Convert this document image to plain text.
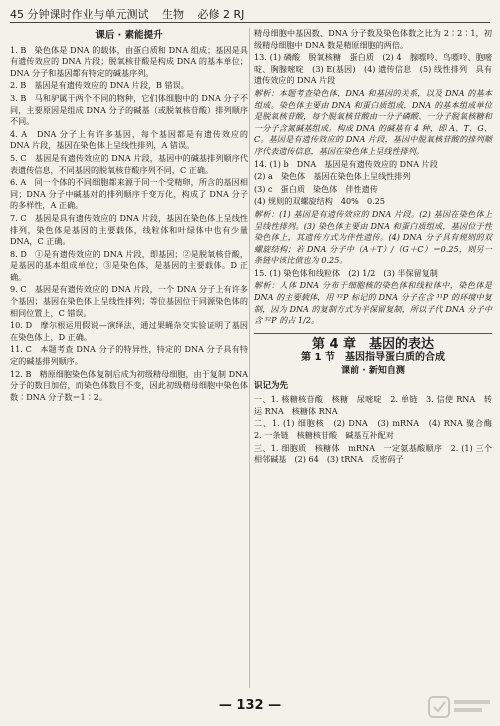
45 分钟课时作业与单元测试 生物 必修 2 RJ
课后 · 素能提升

1. B　染色体是 DNA 的载体，由蛋白质和 DNA 组成；基因是具有遗传效应的 DNA 片段；脱氧核苷酸是构成 DNA 的基本单位；DNA 分子和基因都有特定的碱基序列。

2. B　基因是有遗传效应的 DNA 片段，B 错误。

3. B　马和驴属于两个不同的物种，它们体细胞中的 DNA 分子不同，主要原因是组成 DNA 分子的碱基（或脱氧核苷酸）排列顺序不同。

4. A　DNA 分子上有许多基因，每个基因都是有遗传效应的 DNA 片段，基因在染色体上呈线性排列，A 错误。

5. C　基因是有遗传效应的 DNA 片段，基因中的碱基排列顺序代表遗传信息，不同基因的脱氧核苷酸序列不同，C 正确。

6. A　同一个体的不同细胞都来源于同一个受精卵，所含的基因相同；DNA 分子中碱基对的排列顺序千变万化，构成了 DNA 分子的多样性，A 正确。

7. C　基因是具有遗传效应的 DNA 片段，基因在染色体上呈线性排列，染色体是基因的主要载体，线粒体和叶绿体中也有少量 DNA，C 正确。

8. D　①是有遗传效应的 DNA 片段，即基因；②是脱氧核苷酸，是基因的基本组成单位；③是染色体，是基因的主要载体。D 正确。

9. C　基因是有遗传效应的 DNA 片段，一个 DNA 分子上有许多个基因；基因在染色体上呈线性排列；等位基因位于同源染色体的相同位置上，C 错误。

10. D　摩尔根运用假说—演绎法，通过果蝇杂交实验证明了基因在染色体上，D 正确。

11. C　本题考查 DNA 分子的特异性，特定的 DNA 分子具有特定的碱基排列顺序。

12. B　精原细胞染色体复制后成为初级精母细胞，由于复制 DNA 分子的数目加倍，而染色体数目不变，因此初级精母细胞中染色体数∶DNA 分子数＝1∶2。

精母细胞中基因数、DNA 分子数及染色体数之比为 2∶2∶1，初级精母细胞中 DNA 数是精原细胞的两倍。

13. (1) 磷酸　脱氧核糖　蛋白质　(2) 4　腺嘌呤、鸟嘌呤、胞嘧啶、胸腺嘧啶　(3) E(基因)　(4) 遗传信息　(5) 线性排列　具有遗传效应的 DNA 片段

解析：本题考查染色体、DNA 和基因的关系，以及 DNA 的基本组成。染色体主要由 DNA 和蛋白质组成，DNA 的基本组成单位是脱氧核苷酸，每个脱氧核苷酸由一分子磷酸、一分子脱氧核糖和一分子含氮碱基组成。构成 DNA 的碱基有 4 种，即 A、T、G、C。基因是有遗传效应的 DNA 片段，基因中脱氧核苷酸的排列顺序代表遗传信息，基因在染色体上呈线性排列。

14. (1) b　DNA　基因是有遗传效应的 DNA 片段

(2) a　染色体　基因在染色体上呈线性排列

(3) c　蛋白质　染色体　伴性遗传

(4) 规则的双螺旋结构　40%　0.25

解析：(1) 基因是有遗传效应的 DNA 片段。(2) 基因在染色体上呈线性排列。(3) 染色体主要由 DNA 和蛋白质组成，基因位于性染色体上，其遗传方式为伴性遗传。(4) DNA 分子具有规则的双螺旋结构；若 DNA 分子中（A＋T）/（G＋C）＝0.25，则另一条链中该比值也为 0.25。

15. (1) 染色体和线粒体　(2) 1/2　(3) 半保留复制

解析：人体 DNA 分布于细胞核的染色体和线粒体中，染色体是 DNA 的主要载体，用 ³²P 标记的 DNA 分子在含 ³¹P 的环境中复制，因为 DNA 的复制方式为半保留复制，所以子代 DNA 分子中含 ³²P 的占 1/2。

第 4 章　基因的表达
第 1 节　基因指导蛋白质的合成
课前 · 新知自测
识记为先

一、1. 核糖核苷酸　核糖　尿嘧啶　2. 单链　3. 信使 RNA　转运 RNA　核糖体 RNA

二、1. (1) 细胞核　(2) DNA　(3) mRNA　(4) RNA 聚合酶　2. 一条链　核糖核苷酸　碱基互补配对

三、1. 细胞质　核糖体　mRNA　一定氨基酸顺序　2. (1) 三个相邻碱基　(2) 64　(3) tRNA　反密码子

— 132 —
